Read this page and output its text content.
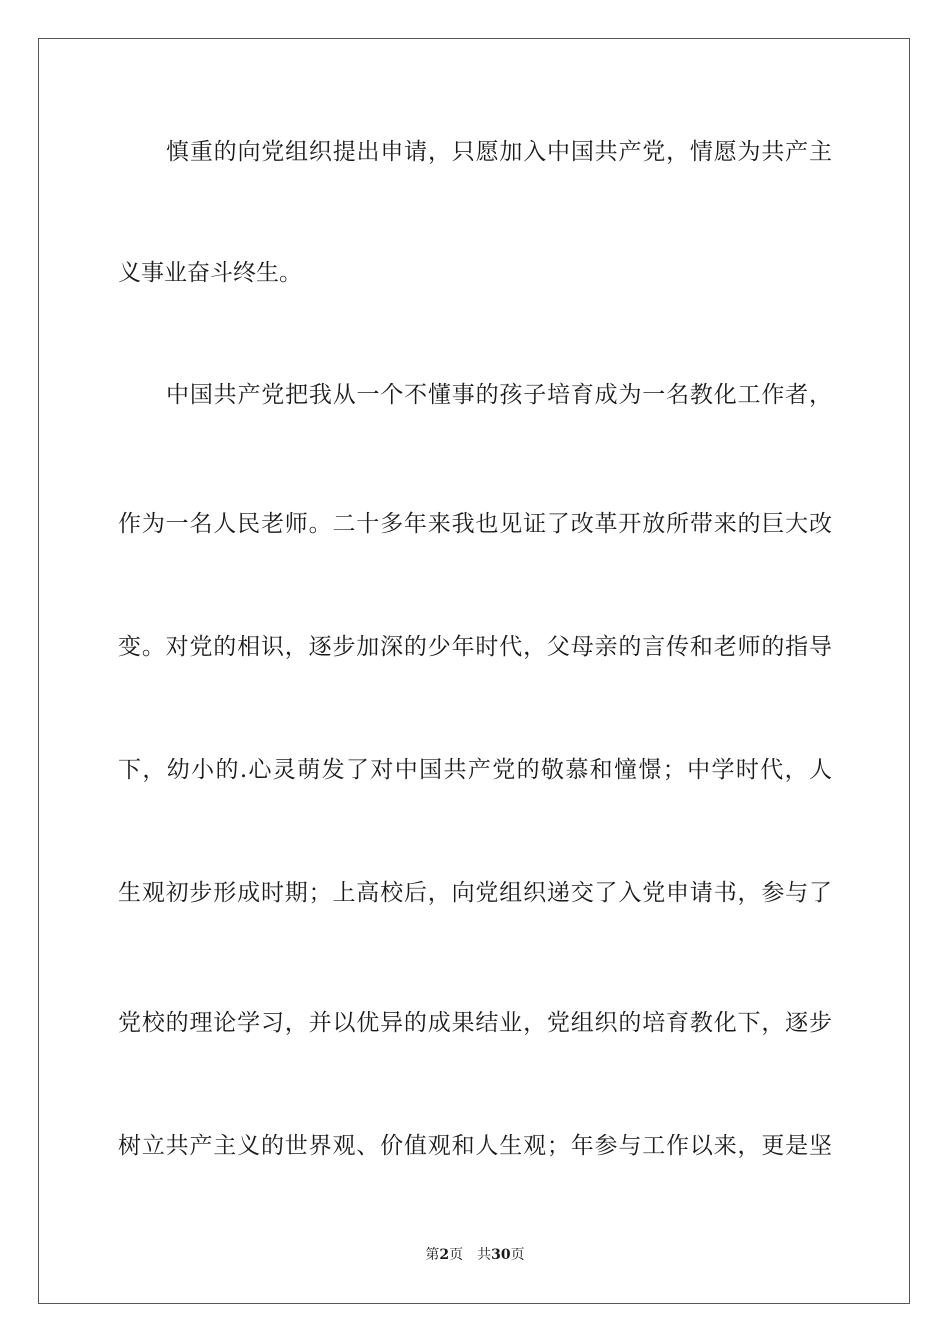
慎重的向党组织提出申请，只愿加入中国共产党，情愿为共产主
义事业奋斗终生。
中国共产党把我从一个不懂事的孩子培育成为一名教化工作者，
作为一名人民老师。二十多年来我也见证了改革开放所带来的巨大改
变。对党的相识，逐步加深的少年时代，父母亲的言传和老师的指导
下，幼小的.心灵萌发了对中国共产党的敬慕和憧憬；中学时代，人
生观初步形成时期；上高校后，向党组织递交了入党申请书，参与了
党校的理论学习，并以优异的成果结业，党组织的培育教化下，逐步
树立共产主义的世界观、价值观和人生观；年参与工作以来，更是坚
第2页 共30页
